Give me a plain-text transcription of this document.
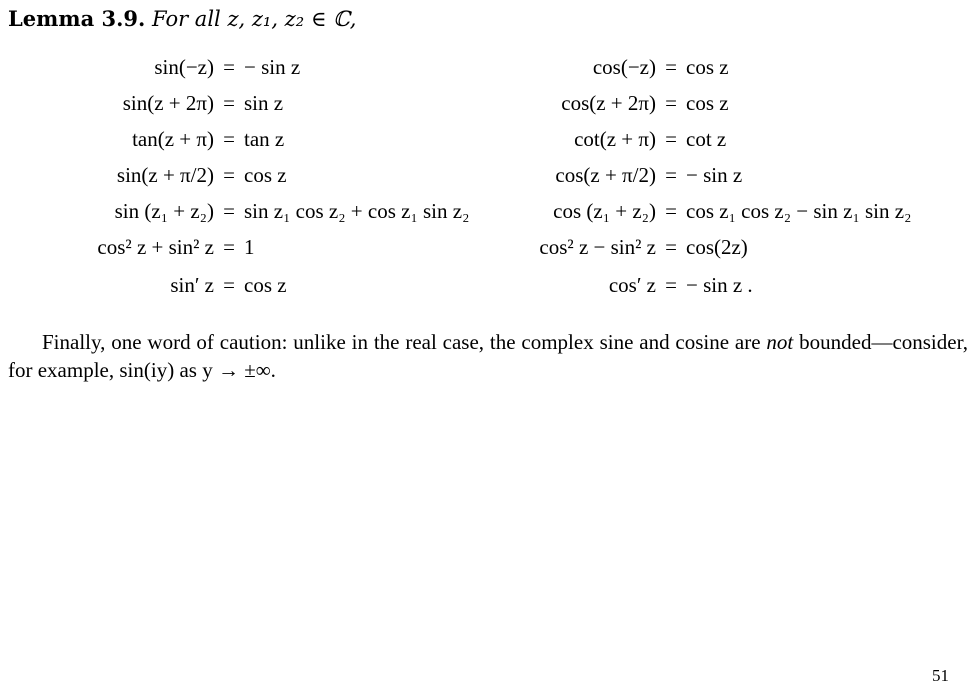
Lemma 3.9. For all z, z₁, z₂ ∈ ℂ,
sin(−z) = − sin z	cos(−z) = cos z
sin(z + 2π) = sin z	cos(z + 2π) = cos z
tan(z + π) = tan z	cot(z + π) = cot z
sin(z + π/2) = cos z	cos(z + π/2) = − sin z
sin (z₁ + z₂) = sin z₁ cos z₂ + cos z₁ sin z₂	cos (z₁ + z₂) = cos z₁ cos z₂ − sin z₁ sin z₂
cos² z + sin² z = 1	cos² z − sin² z = cos(2z)
sin′ z = cos z	cos′ z = − sin z .
Finally, one word of caution: unlike in the real case, the complex sine and cosine are not bounded—consider, for example, sin(iy) as y → ±∞.
51
